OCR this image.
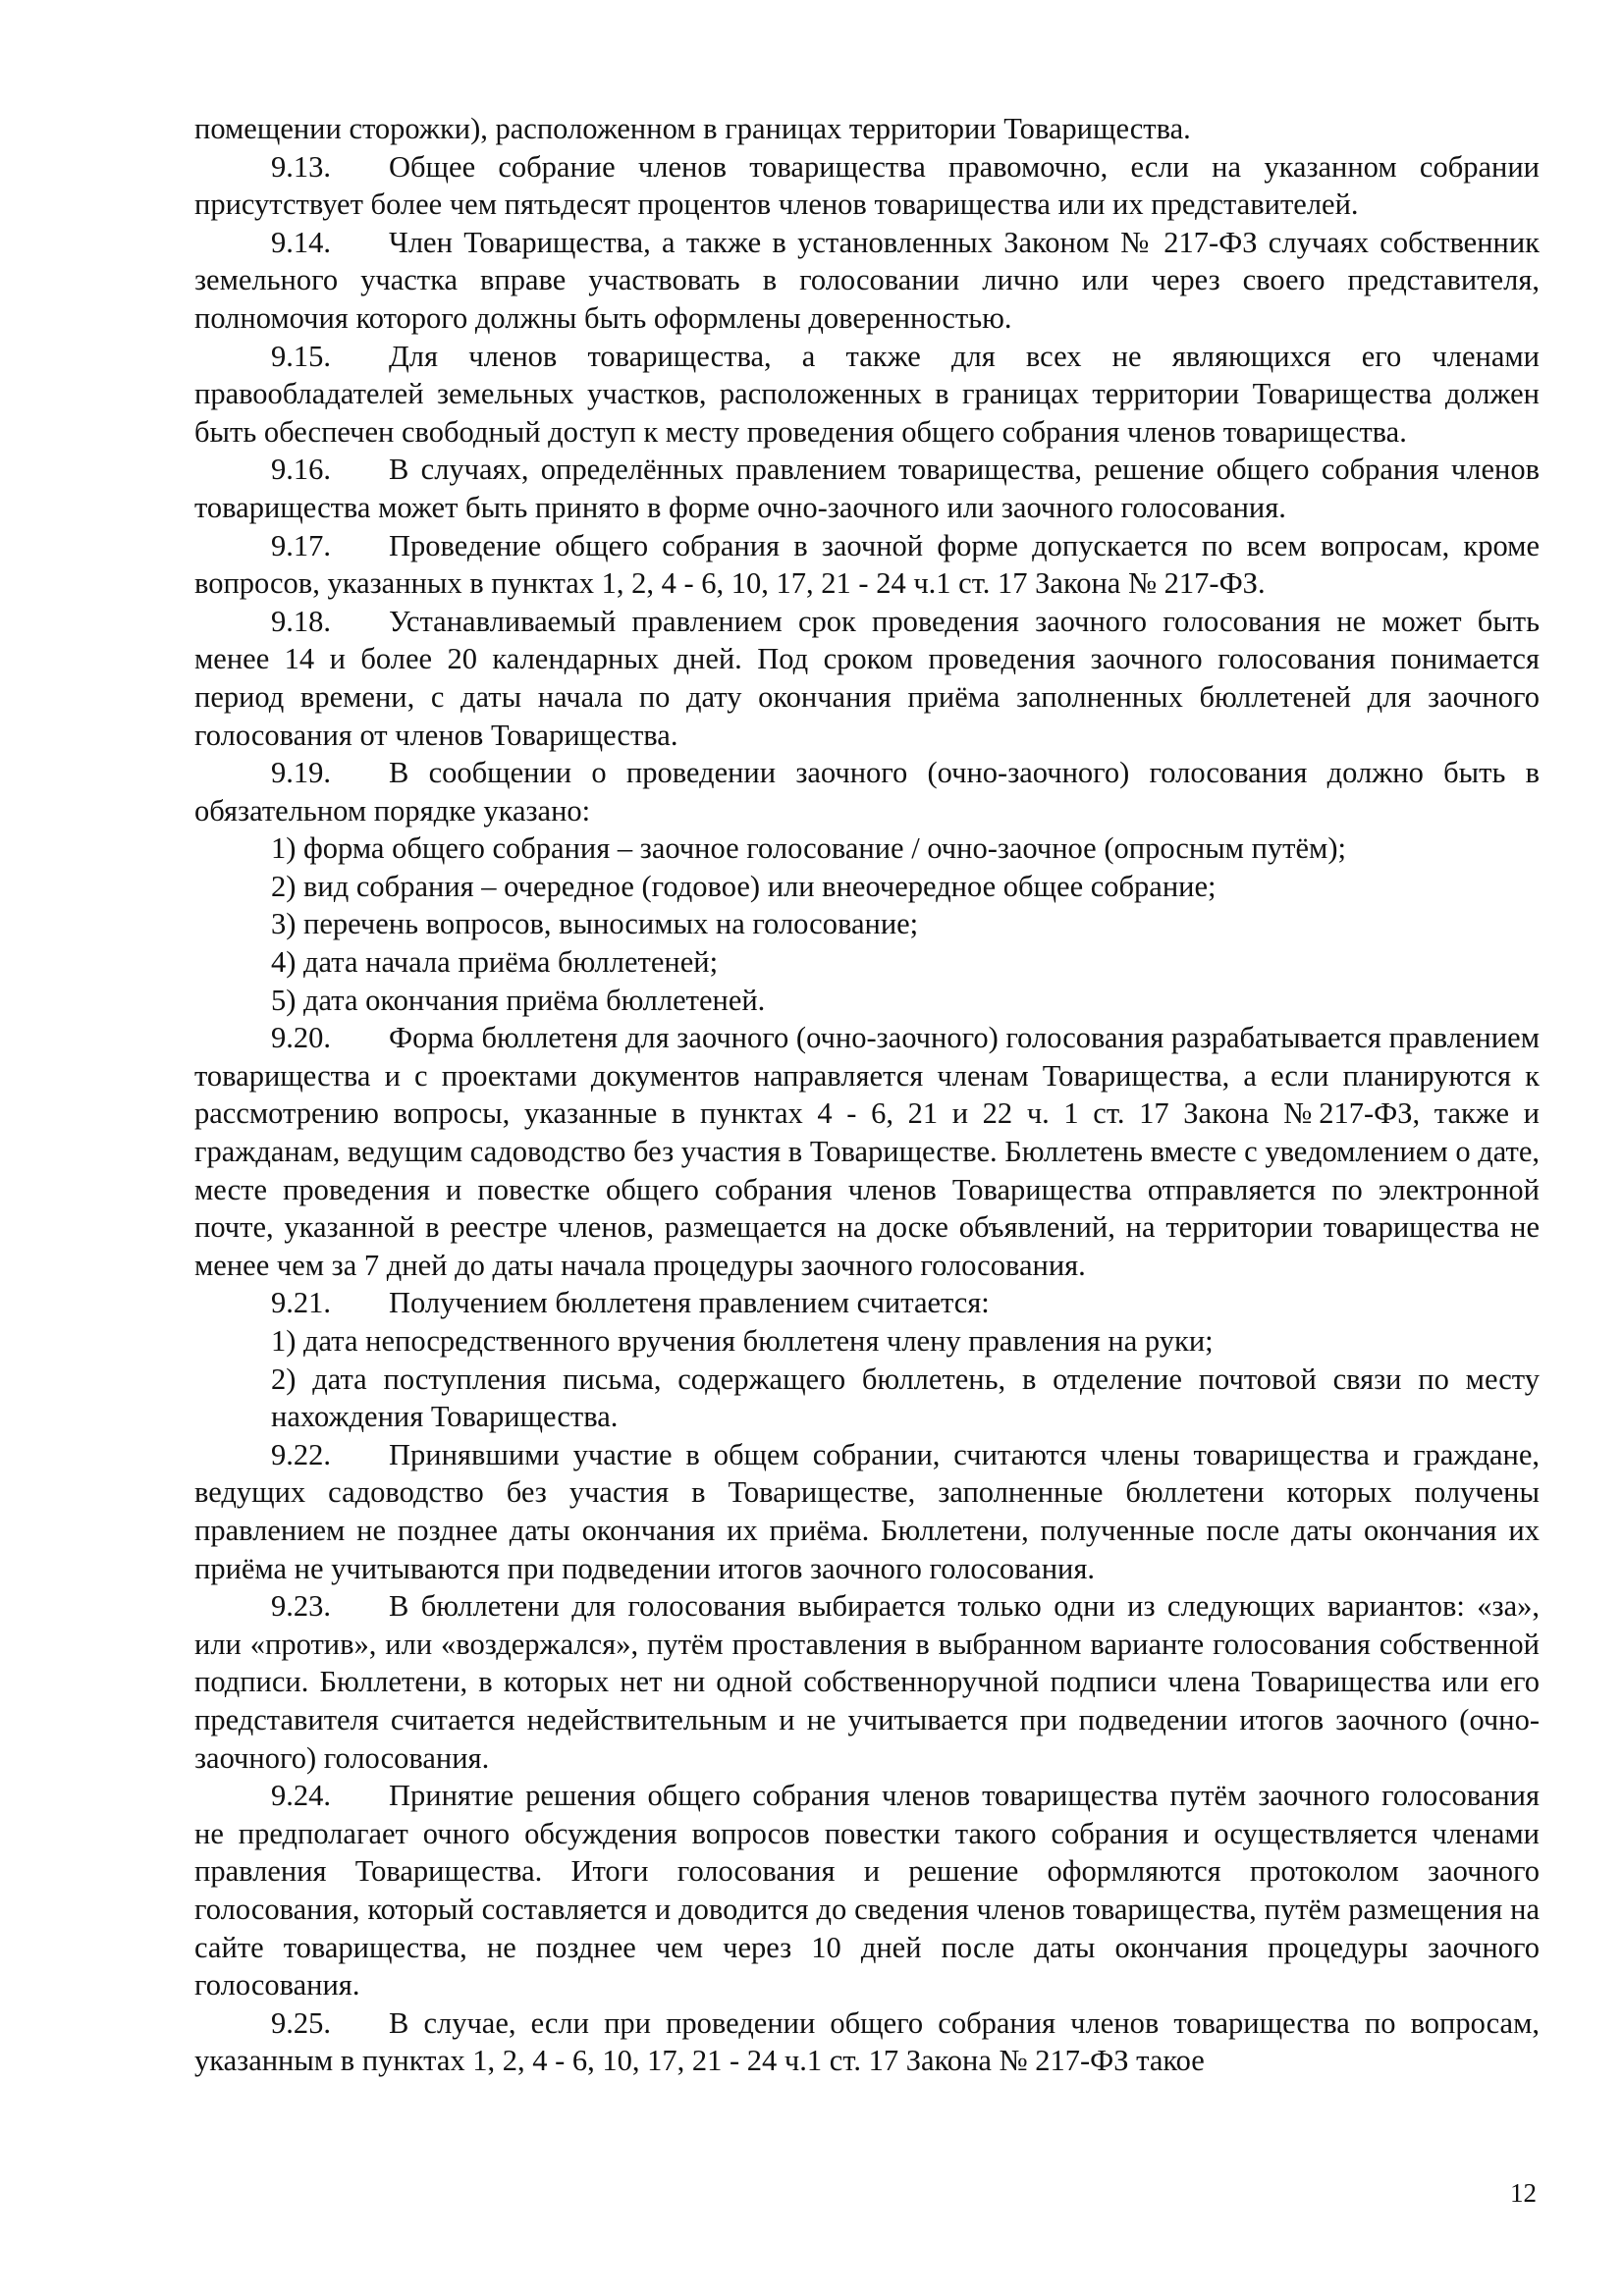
помещении сторожки), расположенном в границах территории Товарищества.

9.13. Общее собрание членов товарищества правомочно, если на указанном собрании присутствует более чем пятьдесят процентов членов товарищества или их представителей.

9.14. Член Товарищества, а также в установленных Законом № 217-ФЗ случаях собственник земельного участка вправе участвовать в голосовании лично или через своего представителя, полномочия которого должны быть оформлены доверенностью.

9.15. Для членов товарищества, а также для всех не являющихся его членами правообладателей земельных участков, расположенных в границах территории Товарищества должен быть обеспечен свободный доступ к месту проведения общего собрания членов товарищества.

9.16. В случаях, определённых правлением товарищества, решение общего собрания членов товарищества может быть принято в форме очно-заочного или заочного голосования.

9.17. Проведение общего собрания в заочной форме допускается по всем вопросам, кроме вопросов, указанных в пунктах 1, 2, 4 - 6, 10, 17, 21 - 24 ч.1 ст. 17 Закона № 217-ФЗ.

9.18. Устанавливаемый правлением срок проведения заочного голосования не может быть менее 14 и более 20 календарных дней. Под сроком проведения заочного голосования понимается период времени, с даты начала по дату окончания приёма заполненных бюллетеней для заочного голосования от членов Товарищества.

9.19. В сообщении о проведении заочного (очно-заочного) голосования должно быть в обязательном порядке указано:

1) форма общего собрания – заочное голосование / очно-заочное (опросным путём);

2) вид собрания – очередное (годовое) или внеочередное общее собрание;

3) перечень вопросов, выносимых на голосование;

4) дата начала приёма бюллетеней;

5) дата окончания приёма бюллетеней.

9.20. Форма бюллетеня для заочного (очно-заочного) голосования разрабатывается правлением товарищества и с проектами документов направляется членам Товарищества, а если планируются к рассмотрению вопросы, указанные в пунктах 4 - 6, 21 и 22 ч. 1 ст. 17 Закона №217-ФЗ, также и гражданам, ведущим садоводство без участия в Товариществе. Бюллетень вместе с уведомлением о дате, месте проведения и повестке общего собрания членов Товарищества отправляется по электронной почте, указанной в реестре членов, размещается на доске объявлений, на территории товарищества не менее чем за 7 дней до даты начала процедуры заочного голосования.

9.21. Получением бюллетеня правлением считается:

1) дата непосредственного вручения бюллетеня члену правления на руки;

2) дата поступления письма, содержащего бюллетень, в отделение почтовой связи по месту нахождения Товарищества.

9.22. Принявшими участие в общем собрании, считаются члены товарищества и граждане, ведущих садоводство без участия в Товариществе, заполненные бюллетени которых получены правлением не позднее даты окончания их приёма. Бюллетени, полученные после даты окончания их приёма не учитываются при подведении итогов заочного голосования.

9.23. В бюллетени для голосования выбирается только одни из следующих вариантов: «за», или «против», или «воздержался», путём проставления в выбранном варианте голосования собственной подписи. Бюллетени, в которых нет ни одной собственноручной подписи члена Товарищества или его представителя считается недействительным и не учитывается при подведении итогов заочного (очно-заочного) голосования.

9.24. Принятие решения общего собрания членов товарищества путём заочного голосования не предполагает очного обсуждения вопросов повестки такого собрания и осуществляется членами правления Товарищества. Итоги голосования и решение оформляются протоколом заочного голосования, который составляется и доводится до сведения членов товарищества, путём размещения на сайте товарищества, не позднее чем через 10 дней после даты окончания процедуры заочного голосования.

9.25. В случае, если при проведении общего собрания членов товарищества по вопросам, указанным в пунктах 1, 2, 4 - 6, 10, 17, 21 - 24 ч.1 ст. 17 Закона № 217-ФЗ такое

12
